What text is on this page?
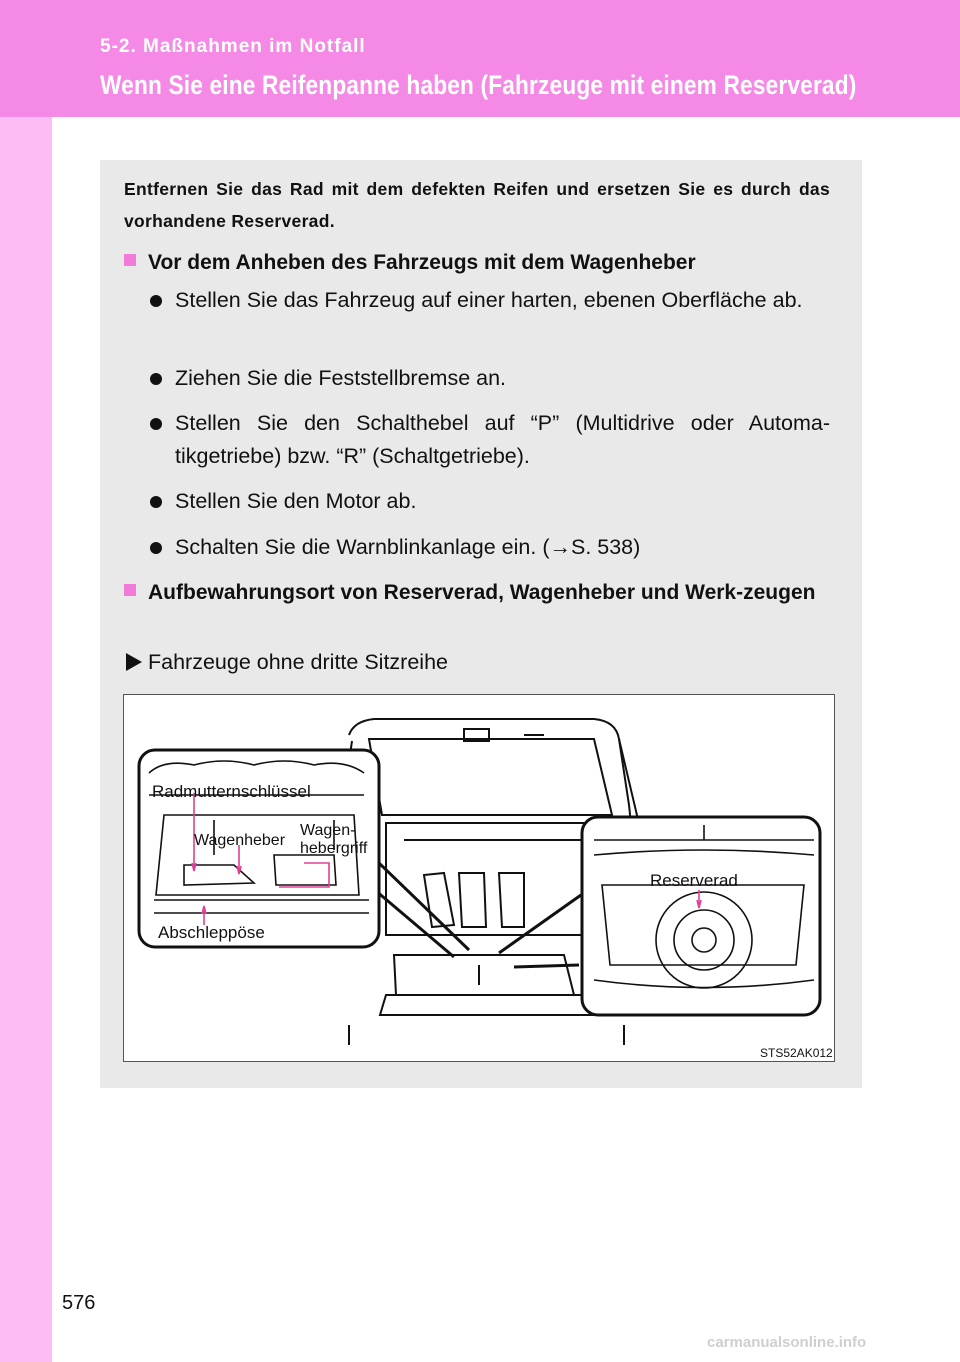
5-2. Maßnahmen im Notfall
Wenn Sie eine Reifenpanne haben (Fahrzeuge mit einem Reserverad)
Entfernen Sie das Rad mit dem defekten Reifen und ersetzen Sie es durch das vorhandene Reserverad.
Vor dem Anheben des Fahrzeugs mit dem Wagenheber
Stellen Sie das Fahrzeug auf einer harten, ebenen Oberfläche ab.
Ziehen Sie die Feststellbremse an.
Stellen Sie den Schalthebel auf “P” (Multidrive oder Automa-tikgetriebe) bzw. “R” (Schaltgetriebe).
Stellen Sie den Motor ab.
Schalten Sie die Warnblinkanlage ein. (→S. 538)
Aufbewahrungsort von Reserverad, Wagenheber und Werk-zeugen
Fahrzeuge ohne dritte Sitzreihe
Radmutternschlüssel
Wagenheber
Wagen-
hebergriff
Abschleppöse
Reserverad
STS52AK012
576
carmanualsonline.info
